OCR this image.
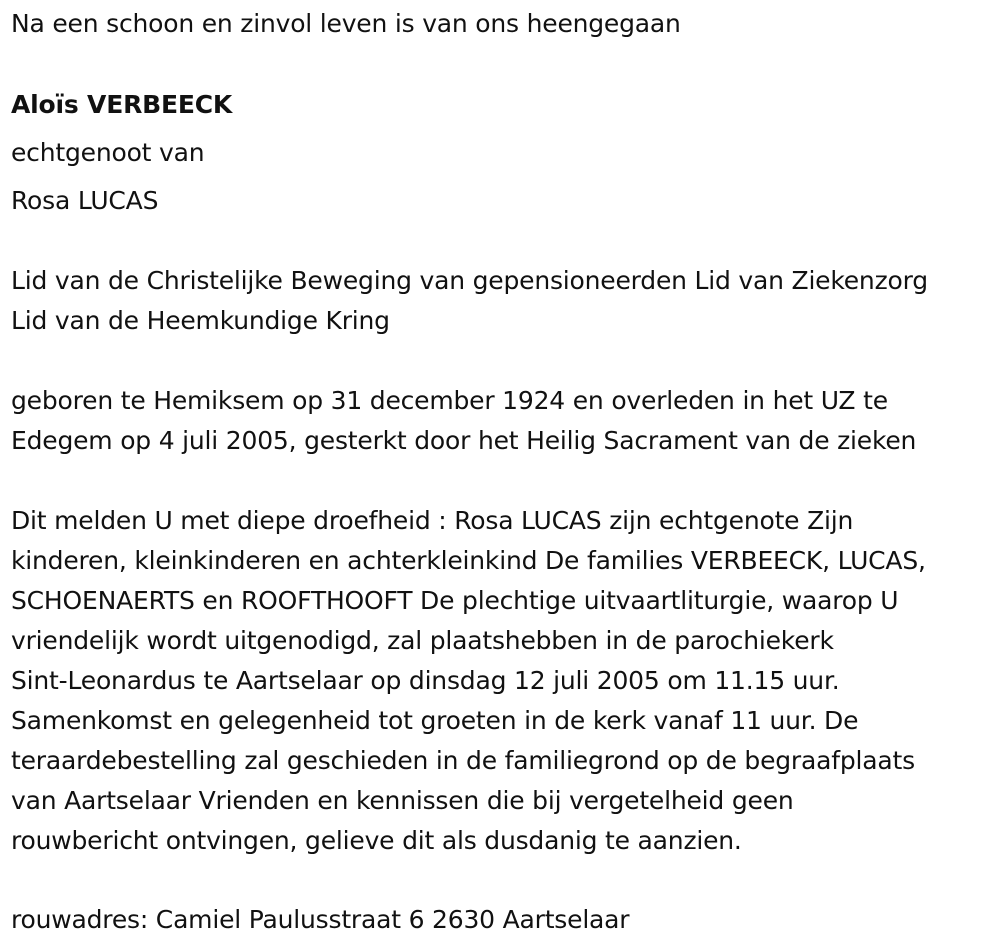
Na een schoon en zinvol leven is van ons heengegaan
Aloïs VERBEECK
echtgenoot van
Rosa LUCAS
Lid van de Christelijke Beweging van gepensioneerden Lid van Ziekenzorg
Lid van de Heemkundige Kring
geboren te Hemiksem op 31 december 1924 en overleden in het UZ te
Edegem op 4 juli 2005, gesterkt door het Heilig Sacrament van de zieken
Dit melden U met diepe droefheid : Rosa LUCAS zijn echtgenote Zijn
kinderen, kleinkinderen en achterkleinkind De families VERBEECK, LUCAS,
SCHOENAERTS en ROOFTHOOFT De plechtige uitvaartliturgie, waarop U
vriendelijk wordt uitgenodigd, zal plaatshebben in de parochiekerk
Sint-Leonardus te Aartselaar op dinsdag 12 juli 2005 om 11.15 uur.
Samenkomst en gelegenheid tot groeten in de kerk vanaf 11 uur. De
teraardebestelling zal geschieden in de familiegrond op de begraafplaats
van Aartselaar Vrienden en kennissen die bij vergetelheid geen
rouwbericht ontvingen, gelieve dit als dusdanig te aanzien.
rouwadres: Camiel Paulusstraat 6 2630 Aartselaar
